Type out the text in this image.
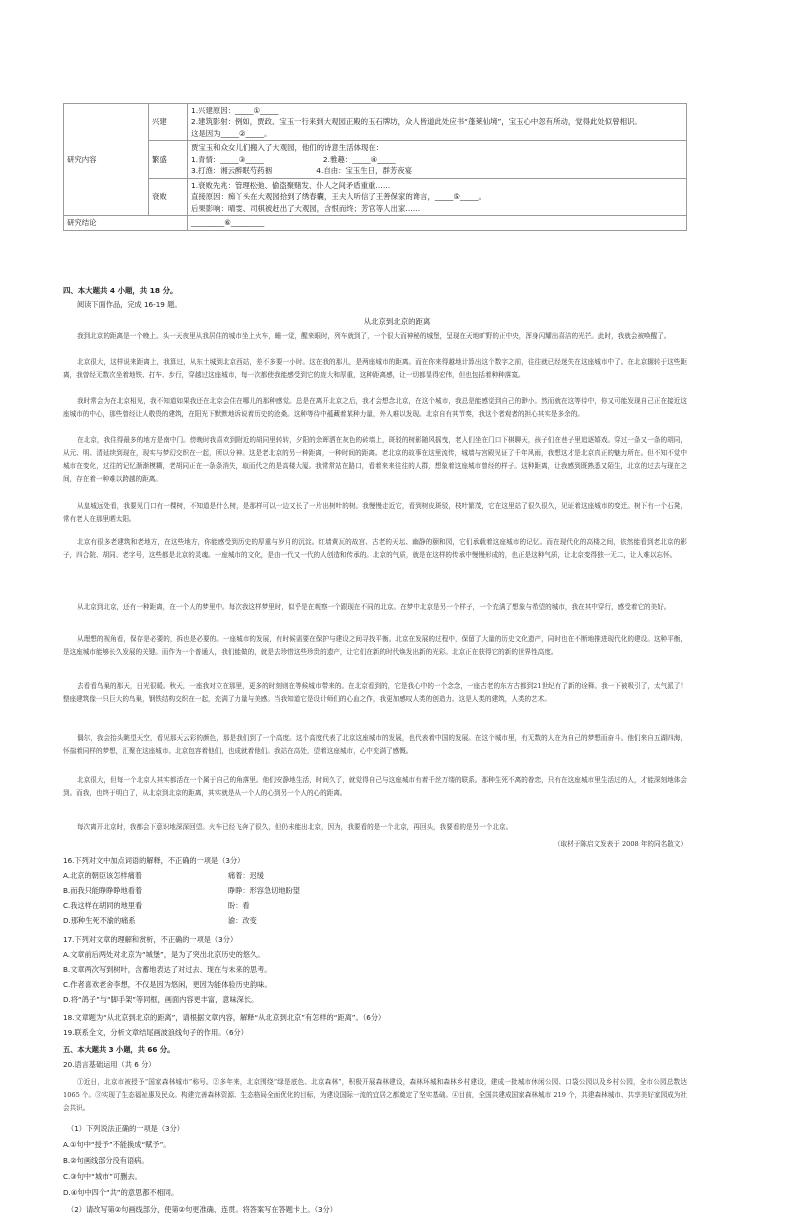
研究内容	兴建	1.兴建原因：_____①_____
2.建筑影射：例如，贾政、宝玉一行来到大观园正殿的玉石牌坊，众人皆道此处应书“蓬莱仙境”，宝玉心中忽有所动，觉得此处似曾相识。
这是因为_____②_____。

	繁盛	贾宝玉和众女儿们搬入了大观园，他们的诗意生活体现在：
1.青情：_____③_____　　　　　　　　2.雅趣：_____④_____
3.打渔：湘云醉眠芍药裀　　　　　　4.自由：宝玉生日，群芳夜宴

	衰败	1.衰败先兆：管理松弛、偷盗聚赌发、仆人之间矛盾重重……
直接原因：痴丫头在大观园拾到了绣春囊，王夫人听信了王善保家的谗言，_____⑤_____。
后果影响：晴雯、司棋被赶出了大观园，含恨而终；芳官等人出家……

研究结论		_________⑥_________
四、本大题共 4 小题，共 18 分。
阅读下面作品，完成 16-19 题。
从北京到北京的距离

我到北京的距离是一个晚上。头一天夜里从我居住的城市坐上火车，睡一觉，醒来眼时，列车就到了，一个很大而神秘的城堡，呈现在天地旷野的正中央，浑身闪耀出喜洁的光芒。此时，我就会被唤醒了。

北京很大，这样说来距离上，我算过，从东土城到北京西站，差不多要一小时。这在我的那儿，是两座城市的距离。而在你来得越地计算出这个数字之前，往往就已经迷失在这座城市中了。在北京辗转于这些距离，我曾经无数次坐着地铁、打车、步行，穿越过这座城市，每一次都使我能感受到它的庞大和厚重，这种距离感，让一切都显得宏伟，但也包括着种种落寞。

我时常会为在北京相见，我不知道如果我还在北京会住在哪儿的那种感觉。总是在离开北京之后，我才会想念北京，在这个城市，我总是能感觉到自己的渺小。然而就在这等待中，你又可能发现自己正在接近这座城市的中心，那些曾经让人敬畏的建筑，在阳光下默默地诉说着历史的沧桑。这种等待中蕴藏着某种力量，外人难以发现。北京自有其节奏，我这个者观者的担心其实是多余的。

在北京，我住得最多的地方是南中门。傍晚时我喜欢到附近的胡同里转转，夕阳的余晖洒在灰色的砖墙上，斑驳的树影随风摇曳，老人们坐在门口下棋聊天，孩子们在巷子里追逐嬉戏。穿过一条又一条的胡同，从元、明、清延续到现在，现实与梦幻交织在一起，所以分神。这是老北京的另一种距离，一种时间的距离。老北京的故事在这里流传，城墙与宫殿见证了千年风雨，我想这才是北京真正的魅力所在。但不知不觉中城市在变化，过往的记忆渐渐模糊，老胡同正在一条条消失，取而代之的是高楼大厦。我常常站在路口，看着来来往往的人群，想象着这座城市曾经的样子。这种距离，让我感到既熟悉又陌生，北京的过去与现在之间，存在着一种难以跨越的距离。

从皇城远处看，我要见门口有一棵树，不知道是什么树，是那样可以一边又长了一片出树叶的树。我慢慢走近它，看到树皮斑驳，枝叶繁茂，它在这里站了很久很久，见证着这座城市的变迁。树下有一个石凳，常有老人在那里晒太阳。

北京有很多老建筑和老地方，在这些地方，你能感受到历史的厚重与岁月的沉淀。红墙黄瓦的故宫、古老的天坛、幽静的颐和园，它们承载着这座城市的记忆。而在现代化的高楼之间，依然能看到老北京的影子，四合院、胡同、老字号，这些都是北京的灵魂。一座城市的文化，是由一代又一代的人创造和传承的。北京的气质，就是在这样的传承中慢慢形成的，也正是这种气质，让北京变得独一无二，让人难以忘怀。

从北京到北京，还有一种距离，在一个人的梦里中。每次我这样梦里时，似乎是在观察一个跟现在不同的北京。在梦中北京是另一个样子，一个充满了想象与希望的城市，我在其中穿行，感受着它的美好。

从理想的视角看，保存是必要的，拆也是必要的。一座城市的发展，有时候需要在保护与建设之间寻找平衡。北京在发展的过程中，保留了大量的历史文化遗产，同时也在不断地推进现代化的建设。这种平衡，是这座城市能够长久发展的关键。而作为一个普通人，我们能做的，就是去珍惜这些珍贵的遗产，让它们在新的时代焕发出新的光彩。北京正在获得它的新的世界性高度。

去看看鸟巢的那天，日光很暖。秋天，一座我对立在那里，更多的时刻则在等候城市带来的。在北京看到的，它是我心中的一个念念，一座古老的东方古都到21世纪有了新的诠释。我一下被吸引了，太气派了！整座建筑像一只巨大的鸟巢，钢铁结构交织在一起，充满了力量与美感。当我知道它是设计师们的心血之作，我更加感叹人类的创造力。这是人类的建筑，人类的艺术。

偶尔，我会抬头眺望天空，看见那天云彩的颜色，那是我们到了一个高度。这个高度代表了北京这座城市的发展，也代表着中国的发展。在这个城市里，有无数的人在为自己的梦想而奋斗。他们来自五湖四海，怀揣着同样的梦想，汇聚在这座城市。北京包容着他们，也成就着他们。我站在高处，望着这座城市，心中充满了感慨。

北京很大，但每一个北京人其实都活在一个属于自己的角落里。他们安静地生活，时间久了，就觉得自己与这座城市有着千丝万缕的联系。那种生死不离的眷恋，只有在这座城市里生活过的人，才能深刻地体会到。而我，也终于明白了，从北京到北京的距离，其实就是从一个人的心到另一个人的心的距离。

每次离开北京时，我都会下意识地深深回望。火车已经飞奔了很久，但仍未能出北京，因为，我要看的是一个北京，再回头，我要看的是另一个北京。

（取材于陈启文发表于 2008 年的同名散文）
16.下列对文中加点词语的解释，不正确的一项是（3分）
A.北京的朝臣该怎样痛着	痛着：迟缓
B.而我只能睁睁睁地看着	睁睁：形容急切地盼望
C.我这样在胡同的地里看	盼：看
D.那种生死不渝的痛系	渝：改变
17.下列对文章的理解和赏析，不正确的一项是（3分）
A.文章前后两处对北京为“城堡”，是为了突出北京历史的悠久。
B.文章两次写到树叶，含蓄地表达了对过去、现在与未来的思考。
C.作者喜欢老舍李想，不仅是因为悠闲，更因为能体验历史韵味。
D.将“鸽子”与“脚手架”等同框，画面内容更丰富，意味深长。
18.文章题为“从北京到北京的距离”，请根据文章内容，解释“从北京到北京”有怎样的“距离”。（6分）
19.联系全文，分析文章结尾画波浪线句子的作用。（6分）
五、本大题共 3 小题，共 66 分。
20.语言基础运用（共 6 分）

①近日，北京市被授予“国家森林城市”称号。②多年来，北京围绕“绿是底色、北京森林”，积极开展森林建设，森林环城和森林乡村建设，建成一批城市休闲公园、口袋公园以及乡村公园，全市公园总数达 1065 个。③实现了生态福祉惠及民众。构建完善森林资源、生态格局全面优化的目标，为建设国际一流的宜居之都奠定了坚实基础。④目前，全国共建成国家森林城市 219 个，共建森林城市、共享美好家园成为社会共识。

（1）下列说法正确的一项是（3分）
A.①句中“授予”不能换成“赋予”。
B.②句画线部分没有语病。
C.③句中“城市”可删去。
D.④句中四个“共”的意思都不相同。
（2）请改写第②句画线部分，使第②句更准确、连贯。将答案写在答题卡上。（3分）
